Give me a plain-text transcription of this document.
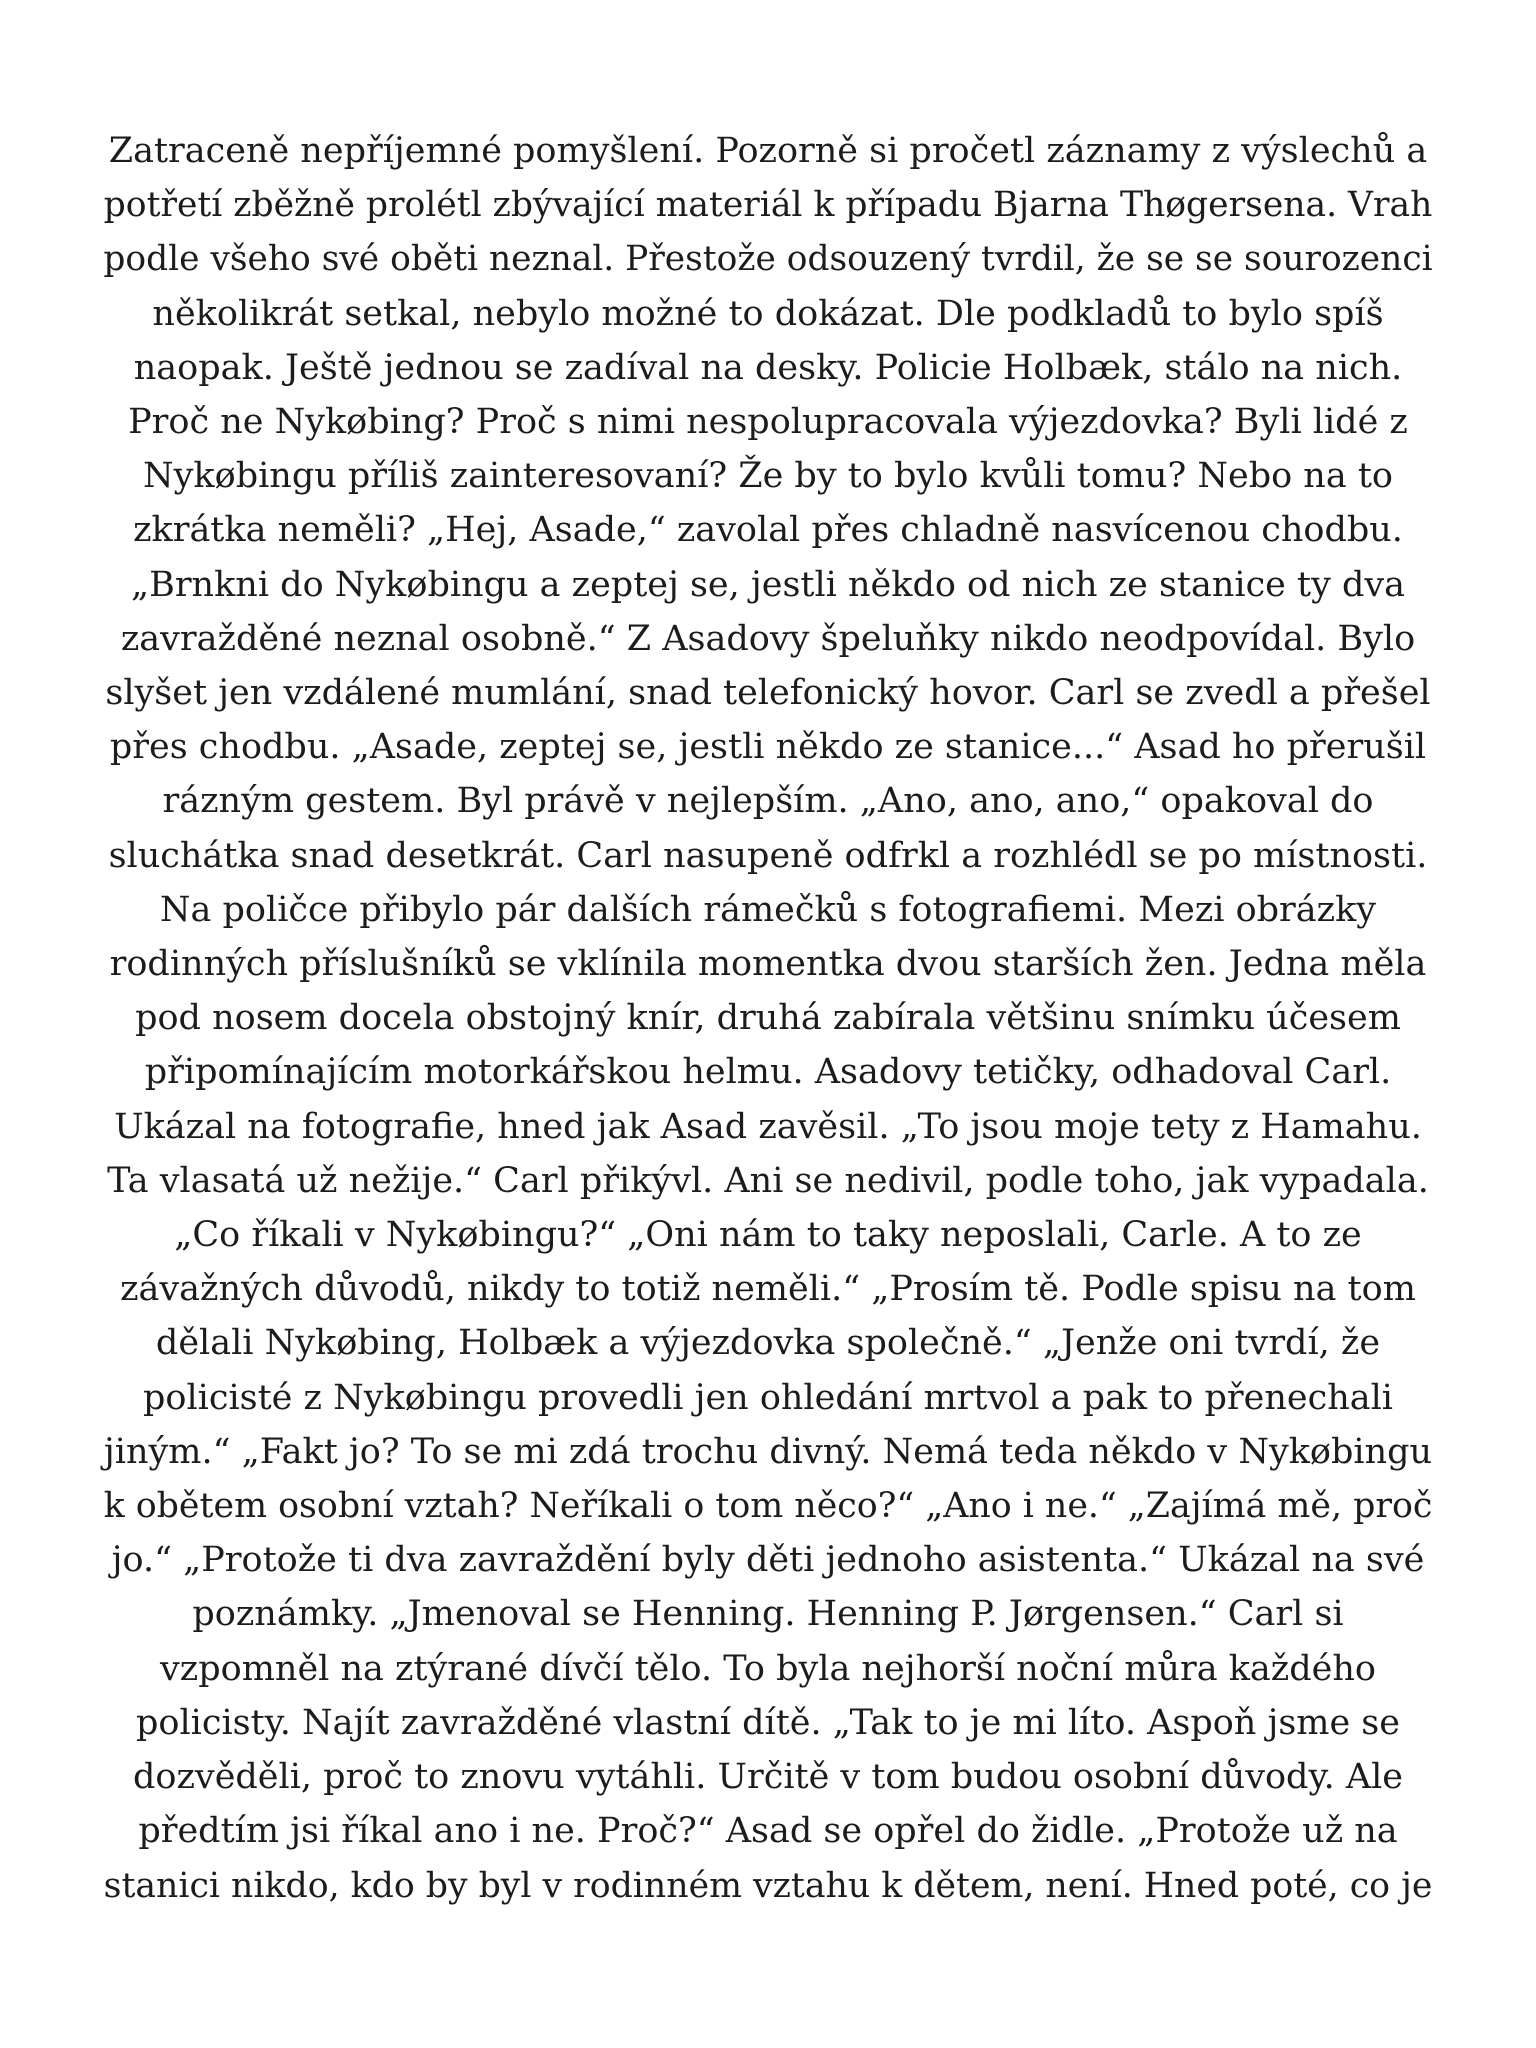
Zatraceně nepříjemné pomyšlení. Pozorně si pročetl záznamy z výslechů a
potřetí zběžně prolétl zbývající materiál k případu Bjarna Thøgersena. Vrah
podle všeho své oběti neznal. Přestože odsouzený tvrdil, že se se sourozenci
několikrát setkal, nebylo možné to dokázat. Dle podkladů to bylo spíš
naopak. Ještě jednou se zadíval na desky. Policie Holbæk, stálo na nich.
Proč ne Nykøbing? Proč s nimi nespolupracovala výjezdovka? Byli lidé z
Nykøbingu příliš zainteresovaní? Že by to bylo kvůli tomu? Nebo na to
zkrátka neměli? „Hej, Asade,“ zavolal přes chladně nasvícenou chodbu.
„Brnkni do Nykøbingu a zeptej se, jestli někdo od nich ze stanice ty dva
zavražděné neznal osobně.“ Z Asadovy špeluňky nikdo neodpovídal. Bylo
slyšet jen vzdálené mumlání, snad telefonický hovor. Carl se zvedl a přešel
přes chodbu. „Asade, zeptej se, jestli někdo ze stanice...“ Asad ho přerušil
rázným gestem. Byl právě v nejlepším. „Ano, ano, ano,“ opakoval do
sluchátka snad desetkrát. Carl nasupeně odfrkl a rozhlédl se po místnosti.
Na poličce přibylo pár dalších rámečků s fotografiemi. Mezi obrázky
rodinných příslušníků se vklínila momentka dvou starších žen. Jedna měla
pod nosem docela obstojný knír, druhá zabírala většinu snímku účesem
připomínajícím motorkářskou helmu. Asadovy tetičky, odhadoval Carl.
Ukázal na fotografie, hned jak Asad zavěsil. „To jsou moje tety z Hamahu.
Ta vlasatá už nežije.“ Carl přikývl. Ani se nedivil, podle toho, jak vypadala.
„Co říkali v Nykøbingu?“ „Oni nám to taky neposlali, Carle. A to ze
závažných důvodů, nikdy to totiž neměli.“ „Prosím tě. Podle spisu na tom
dělali Nykøbing, Holbæk a výjezdovka společně.“ „Jenže oni tvrdí, že
policisté z Nykøbingu provedli jen ohledání mrtvol a pak to přenechali
jiným.“ „Fakt jo? To se mi zdá trochu divný. Nemá teda někdo v Nykøbingu
k obětem osobní vztah? Neříkali o tom něco?“ „Ano i ne.“ „Zajímá mě, proč
jo.“ „Protože ti dva zavraždění byly děti jednoho asistenta.“ Ukázal na své
poznámky. „Jmenoval se Henning. Henning P. Jørgensen.“ Carl si
vzpomněl na ztýrané dívčí tělo. To byla nejhorší noční můra každého
policisty. Najít zavražděné vlastní dítě. „Tak to je mi líto. Aspoň jsme se
dozvěděli, proč to znovu vytáhli. Určitě v tom budou osobní důvody. Ale
předtím jsi říkal ano i ne. Proč?“ Asad se opřel do židle. „Protože už na
stanici nikdo, kdo by byl v rodinném vztahu k dětem, není. Hned poté, co je
